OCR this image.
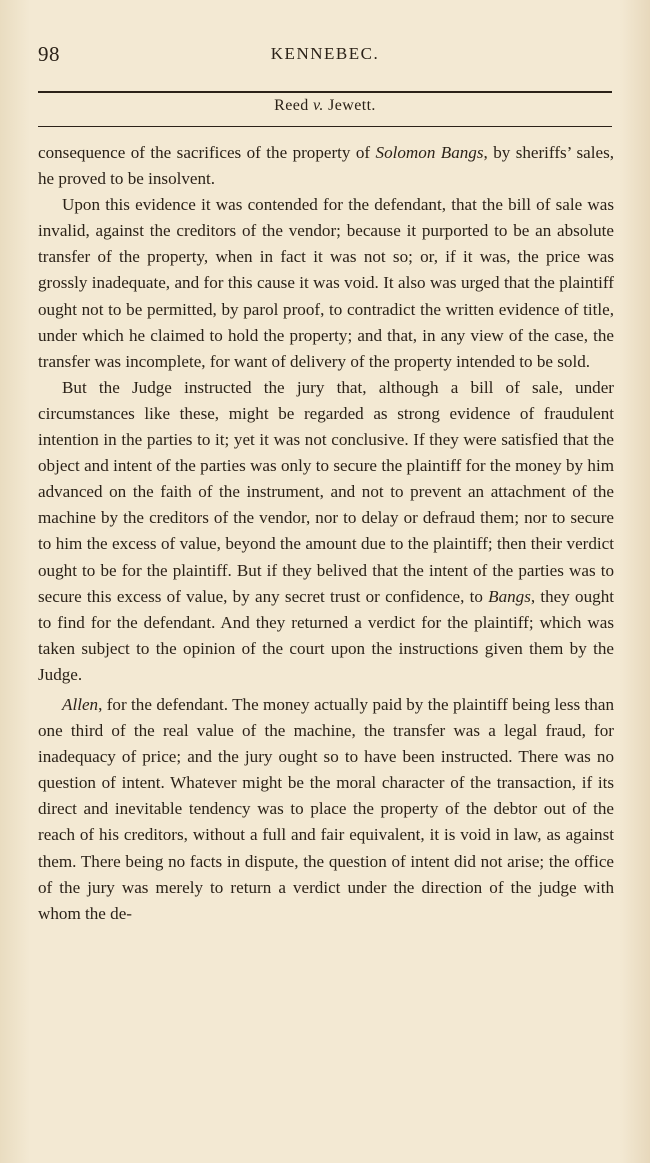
98	KENNEBEC.
Reed v. Jewett.

consequence of the sacrifices of the property of Solomon Bangs, by sheriffs’ sales, he proved to be insolvent.

Upon this evidence it was contended for the defendant, that the bill of sale was invalid, against the creditors of the vendor; because it purported to be an absolute transfer of the property, when in fact it was not so; or, if it was, the price was grossly inadequate, and for this cause it was void. It also was urged that the plaintiff ought not to be permitted, by parol proof, to contradict the written evidence of title, under which he claimed to hold the property; and that, in any view of the case, the transfer was incomplete, for want of delivery of the property intended to be sold.

But the Judge instructed the jury that, although a bill of sale, under circumstances like these, might be regarded as strong evidence of fraudulent intention in the parties to it; yet it was not conclusive. If they were satisfied that the object and intent of the parties was only to secure the plaintiff for the money by him advanced on the faith of the instrument, and not to prevent an attachment of the machine by the creditors of the vendor, nor to delay or defraud them; nor to secure to him the excess of value, beyond the amount due to the plaintiff; then their verdict ought to be for the plaintiff. But if they belived that the intent of the parties was to secure this excess of value, by any secret trust or confidence, to Bangs, they ought to find for the defendant. And they returned a verdict for the plaintiff; which was taken subject to the opinion of the court upon the instructions given them by the Judge.

Allen, for the defendant. The money actually paid by the plaintiff being less than one third of the real value of the machine, the transfer was a legal fraud, for inadequacy of price; and the jury ought so to have been instructed. There was no question of intent. Whatever might be the moral character of the transaction, if its direct and inevitable tendency was to place the property of the debtor out of the reach of his creditors, without a full and fair equivalent, it is void in law, as against them. There being no facts in dispute, the question of intent did not arise; the office of the jury was merely to return a verdict under the direction of the judge with whom the de-
